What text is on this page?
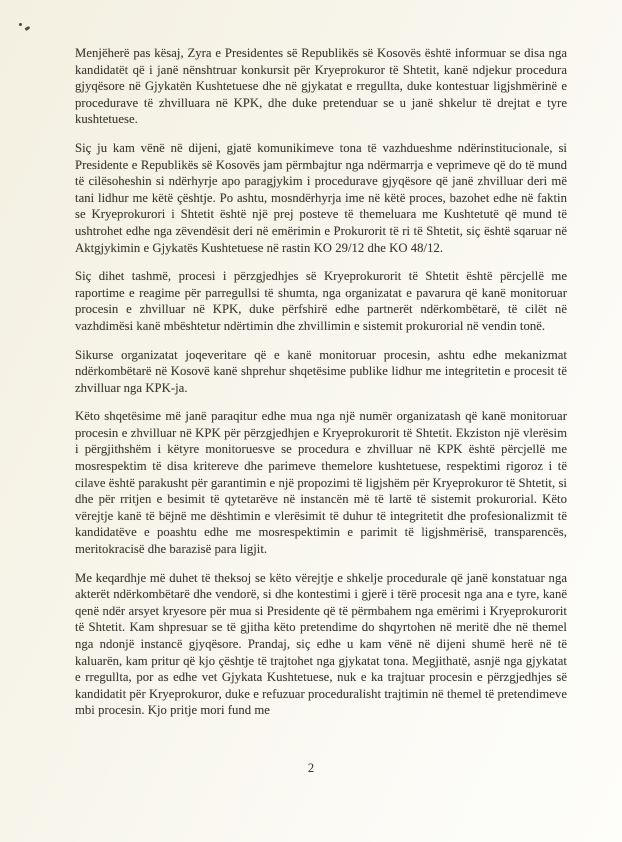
Menjëherë pas kësaj, Zyra e Presidentes së Republikës së Kosovës është informuar se disa nga kandidatët që i janë nënshtruar konkursit për Kryeprokuror të Shtetit, kanë ndjekur procedura gjyqësore në Gjykatën Kushtetuese dhe në gjykatat e rregullta, duke kontestuar ligjshmërinë e procedurave të zhvilluara në KPK, dhe duke pretenduar se u janë shkelur të drejtat e tyre kushtetuese.

Siç ju kam vënë në dijeni, gjatë komunikimeve tona të vazhdueshme ndërinstitucionale, si Presidente e Republikës së Kosovës jam përmbajtur nga ndërmarrja e veprimeve që do të mund të cilësoheshin si ndërhyrje apo paragjykim i procedurave gjyqësore që janë zhvilluar deri më tani lidhur me këtë çështje. Po ashtu, mosndërhyrja ime në këtë proces, bazohet edhe në faktin se Kryeprokurori i Shtetit është një prej posteve të themeluara me Kushtetutë që mund të ushtrohet edhe nga zëvendësit deri në emërimin e Prokurorit të ri të Shtetit, siç është sqaruar në Aktgjykimin e Gjykatës Kushtetuese në rastin KO 29/12 dhe KO 48/12.

Siç dihet tashmë, procesi i përzgjedhjes së Kryeprokurorit të Shtetit është përcjellë me raportime e reagime për parregullsi të shumta, nga organizatat e pavarura që kanë monitoruar procesin e zhvilluar në KPK, duke përfshirë edhe partnerët ndërkombëtarë, të cilët në vazhdimësi kanë mbështetur ndërtimin dhe zhvillimin e sistemit prokurorial në vendin tonë.

Sikurse organizatat joqeveritare që e kanë monitoruar procesin, ashtu edhe mekanizmat ndërkombëtarë në Kosovë kanë shprehur shqetësime publike lidhur me integritetin e procesit të zhvilluar nga KPK-ja.

Këto shqetësime më janë paraqitur edhe mua nga një numër organizatash që kanë monitoruar procesin e zhvilluar në KPK për përzgjedhjen e Kryeprokurorit të Shtetit. Ekziston një vlerësim i përgjithshëm i këtyre monitoruesve se procedura e zhvilluar në KPK është përcjellë me mosrespektim të disa kritereve dhe parimeve themelore kushtetuese, respektimi rigoroz i të cilave është parakusht për garantimin e një propozimi të ligjshëm për Kryeprokuror të Shtetit, si dhe për rritjen e besimit të qytetarëve në instancën më të lartë të sistemit prokurorial. Këto vërejtje kanë të bëjnë me dështimin e vlerësimit të duhur të integritetit dhe profesionalizmit të kandidatëve e poashtu edhe me mosrespektimin e parimit të ligjshmërisë, transparencës, meritokracisë dhe barazisë para ligjit.

Me keqardhje më duhet të theksoj se këto vërejtje e shkelje procedurale që janë konstatuar nga akterët ndërkombëtarë dhe vendorë, si dhe kontestimi i gjerë i tërë procesit nga ana e tyre, kanë qenë ndër arsyet kryesore për mua si Presidente që të përmbahem nga emërimi i Kryeprokurorit të Shtetit. Kam shpresuar se të gjitha këto pretendime do shqyrtohen në meritë dhe në themel nga ndonjë instancë gjyqësore. Prandaj, siç edhe u kam vënë në dijeni shumë herë në të kaluarën, kam pritur që kjo çështje të trajtohet nga gjykatat tona. Megjithatë, asnjë nga gjykatat e rregullta, por as edhe vet Gjykata Kushtetuese, nuk e ka trajtuar procesin e përzgjedhjes së kandidatit për Kryeprokuror, duke e refuzuar proceduralisht trajtimin në themel të pretendimeve mbi procesin. Kjo pritje mori fund me

2
